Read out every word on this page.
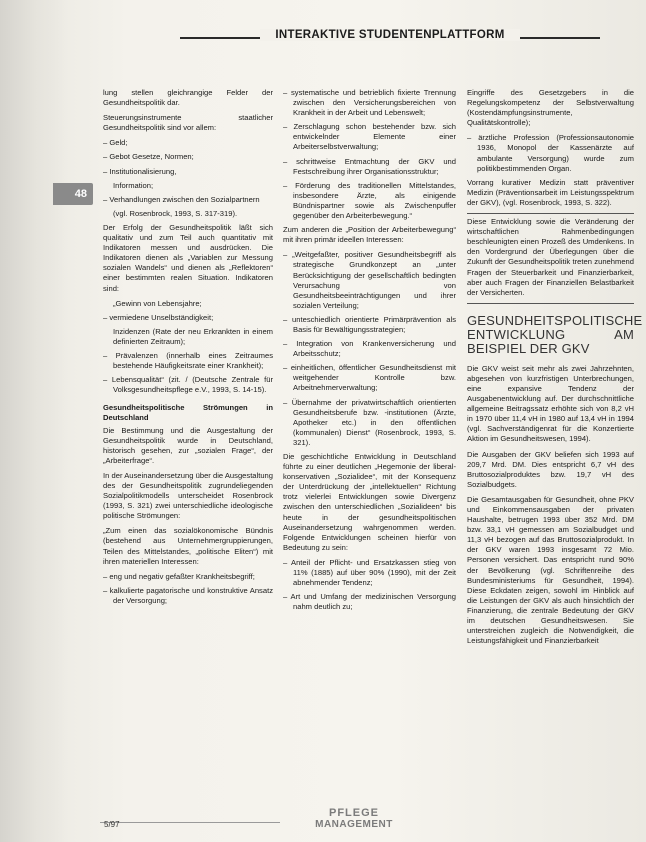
INTERAKTIVE STUDENTENPLATTFORM
48

lung stellen gleichrangige Felder der Gesundheitspolitik dar.

Steuerungsinstrumente staatlicher Gesundheitspolitik sind vor allem:

– Geld;
– Gebot Gesetze, Normen;
– Institutionalisierung,
Information;
– Verhandlungen zwischen den Sozialpartnern
(vgl. Rosenbrock, 1993, S. 317-319).

Der Erfolg der Gesundheitspolitik läßt sich qualitativ und zum Teil auch quantitativ mit Indikatoren messen und ausdrücken. Die Indikatoren dienen als „Variablen zur Messung sozialen Wandels“ und dienen als „Reflektoren“ einer bestimmten realen Situation. Indikatoren sind:

„Gewinn von Lebensjahre;
– vermiedene Unselbständigkeit;
Inzidenzen (Rate der neu Erkrankten in einem definierten Zeitraum);
– Prävalenzen (innerhalb eines Zeitraumes bestehende Häufigkeitsrate einer Krankheit);
– Lebensqualität“ (zit. / (Deutsche Zentrale für Volksgesundheitspflege e.V., 1993, S. 14-15).
Gesundheitspolitische Strömungen in Deutschland

Die Bestimmung und die Ausgestaltung der Gesundheitspolitik wurde in Deutschland, historisch gesehen, zur „sozialen Frage“, der „Arbeiterfrage“.

In der Auseinandersetzung über die Ausgestaltung des der Gesundheitspolitik zugrundeliegenden Sozialpolitikmodells unterscheidet Rosenbrock (1993, S. 321) zwei unterschiedliche ideologische politische Strömungen:

„Zum einen das sozialökonomische Bündnis (bestehend aus Unternehmergruppierungen, Teilen des Mittelstandes, „politische Eliten“) mit ihren materiellen Interessen:

– eng und negativ gefaßter Krankheitsbegriff;
– kalkulierte pagatorische und konstruktive Ansatz der Versorgung;
– systematische und betrieblich fixierte Trennung zwischen den Versicherungsbereichen von Krankheit in der Arbeit und Lebenswelt;
– Zerschlagung schon bestehender bzw. sich entwickelnder Elemente einer Arbeiterselbstverwaltung;
– schrittweise Entmachtung der GKV und Festschreibung ihrer Organisationsstruktur;
– Förderung des traditionellen Mittelstandes, insbesondere Ärzte, als einigende Bündnispartner sowie als Zwischenpuffer gegenüber den Arbeiterbewegung.“

Zum anderen die „Position der Arbeiterbewegung“ mit ihren primär ideellen Interessen:

– „Weitgefaßter, positiver Gesundheitsbegriff als strategische Grundkonzept an „unter Berücksichtigung der gesellschaftlich bedingten Verursachung von Gesundheitsbeeinträchtigungen und ihrer sozialen Verteilung;
– unteschiedlich orientierte Primärprävention als Basis für Bewältigungsstrategien;
– Integration von Krankenversicherung und Arbeitsschutz;
– einheitlichen, öffentlicher Gesundheitsdienst mit weitgehender Kontrolle bzw. Arbeitnehmerverwaltung;
– Übernahme der privatwirtschaftlich orientierten Gesundheitsberufe bzw. -institutionen (Ärzte, Apotheker etc.) in den öffentlichen (kommunalen) Dienst“ (Rosenbrock, 1993, S. 321).

Die geschichtliche Entwicklung in Deutschland führte zu einer deutlichen „Hegemonie der liberal-konservativen „Sozialidee“, mit der Konsequenz der Unterdrückung der „intellektuellen“ Richtung trotz vielerlei Entwicklungen sowie Divergenz zwischen den unterschiedlichen „Sozialideen“ bis heute in der gesundheitspolitischen Auseinandersetzung wahrgenommen werden. Folgende Entwicklungen scheinen hierfür von Bedeutung zu sein:

– Anteil der Pflicht- und Ersatzkassen stieg von 11% (1885) auf über 90% (1990), mit der Zeit abnehmender Tendenz;
– Art und Umfang der medizinischen Versorgung nahm deutlich zu;

Eingriffe des Gesetzgebers in die Regelungskompetenz der Selbstverwaltung (Kostendämpfungsinstrumente, Qualitätskontrolle);

– ärztliche Profession (Professionsautonomie 1936, Monopol der Kassenärzte auf ambulante Versorgung) wurde zum politikbestimmenden Organ.

Vorrang kurativer Medizin statt präventiver Medizin (Präventionsarbeit im Leistungsspektrum der GKV), (vgl. Rosenbrock, 1993, S. 322).

Diese Entwicklung sowie die Veränderung der wirtschaftlichen Rahmenbedingungen beschleunigten einen Prozeß des Umdenkens. In den Vordergrund der Überlegungen über die Zukunft der Gesundheitspolitik treten zunehmend Fragen der Steuerbarkeit und Finanzierbarkeit, aber auch Fragen der Finanziellen Belastbarkeit der Versicherten.

GESUNDHEITSPOLITISCHE ENTWICKLUNG AM BEISPIEL DER GKV

Die GKV weist seit mehr als zwei Jahrzehnten, abgesehen von kurzfristigen Unterbrechungen, eine expansive Tendenz der Ausgabenentwicklung auf. Der durchschnittliche allgemeine Beitragssatz erhöhte sich von 8,2 vH in 1970 über 11,4 vH in 1980 auf 13,4 vH in 1994 (vgl. Sachverständigenrat für die Konzertierte Aktion im Gesundheitswesen, 1994).

Die Ausgaben der GKV beliefen sich 1993 auf 209,7 Mrd. DM. Dies entspricht 6,7 vH des Bruttosozialproduktes bzw. 19,7 vH des Sozialbudgets.

Die Gesamtausgaben für Gesundheit, ohne PKV und Einkommensausgaben der privaten Haushalte, betrugen 1993 über 352 Mrd. DM bzw. 33,1 vH gemessen am Sozialbudget und 11,3 vH bezogen auf das Bruttosozialprodukt. In der GKV waren 1993 insgesamt 72 Mio. Personen versichert. Das entspricht rund 90% der Bevölkerung (vgl. Schriftenreihe des Bundesministeriums für Gesundheit, 1994). Diese Eckdaten zeigen, sowohl im Hinblick auf die Leistungen der GKV als auch hinsichtlich der Finanzierung, die zentrale Bedeutung der GKV im deutschen Gesundheitswesen. Sie unterstreichen zugleich die Notwendigkeit, die Leistungsfähigkeit und Finanzierbarkeit

5/97
PFLEGE
MANAGEMENT
